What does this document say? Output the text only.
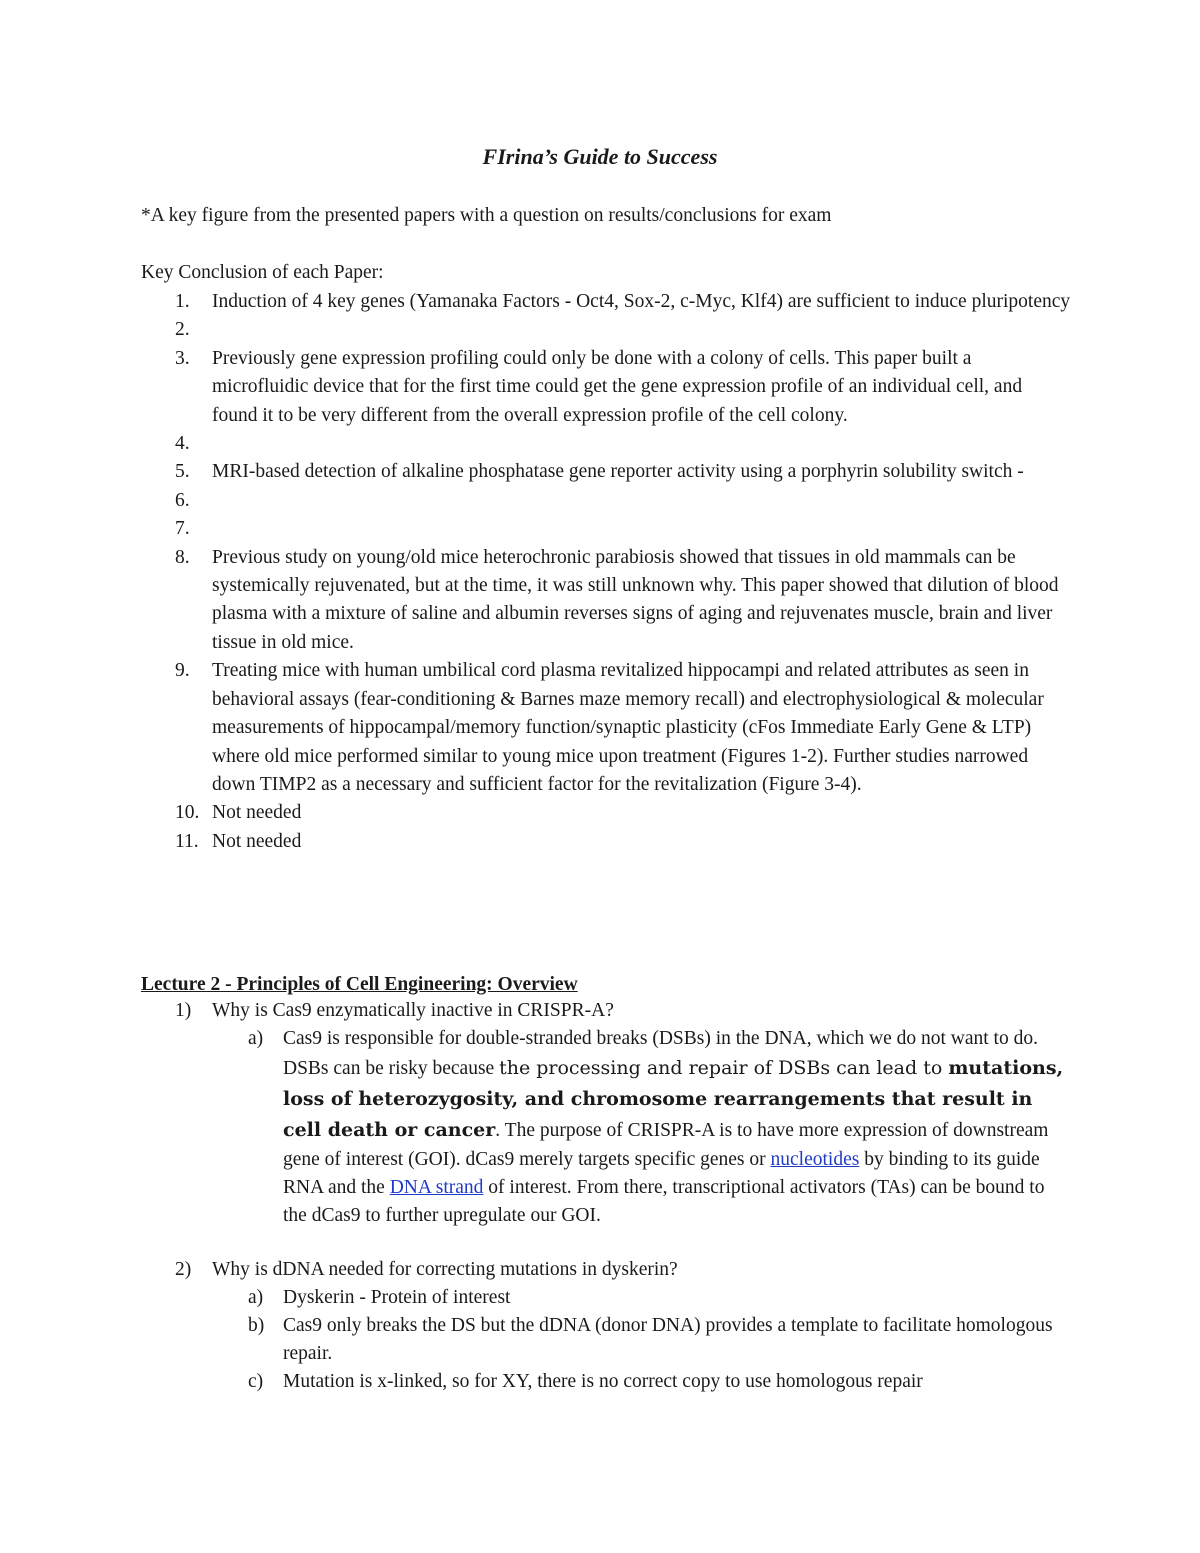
FIrina’s Guide to Success
*A key figure from the presented papers with a question on results/conclusions for exam
Key Conclusion of each Paper:
1. Induction of 4 key genes (Yamanaka Factors - Oct4, Sox-2, c-Myc, Klf4) are sufficient to induce pluripotency
2.

3. Previously gene expression profiling could only be done with a colony of cells. This paper built a microfluidic device that for the first time could get the gene expression profile of an individual cell, and found it to be very different from the overall expression profile of the cell colony.
4.

5. MRI-based detection of alkaline phosphatase gene reporter activity using a porphyrin solubility switch -
6.

7.

8. Previous study on young/old mice heterochronic parabiosis showed that tissues in old mammals can be systemically rejuvenated, but at the time, it was still unknown why. This paper showed that dilution of blood plasma with a mixture of saline and albumin reverses signs of aging and rejuvenates muscle, brain and liver tissue in old mice.
9. Treating mice with human umbilical cord plasma revitalized hippocampi and related attributes as seen in behavioral assays (fear-conditioning & Barnes maze memory recall) and electrophysiological & molecular measurements of hippocampal/memory function/synaptic plasticity (cFos Immediate Early Gene & LTP) where old mice performed similar to young mice upon treatment (Figures 1-2). Further studies narrowed down TIMP2 as a necessary and sufficient factor for the revitalization (Figure 3-4).
10. Not needed
11. Not needed
Lecture 2 - Principles of Cell Engineering: Overview
1) Why is Cas9 enzymatically inactive in CRISPR-A?
a) Cas9 is responsible for double-stranded breaks (DSBs) in the DNA, which we do not want to do. DSBs can be risky because the processing and repair of DSBs can lead to mutations, loss of heterozygosity, and chromosome rearrangements that result in cell death or cancer. The purpose of CRISPR-A is to have more expression of downstream gene of interest (GOI). dCas9 merely targets specific genes or nucleotides by binding to its guide RNA and the DNA strand of interest. From there, transcriptional activators (TAs) can be bound to the dCas9 to further upregulate our GOI.
2) Why is dDNA needed for correcting mutations in dyskerin?
a) Dyskerin - Protein of interest
b) Cas9 only breaks the DS but the dDNA (donor DNA) provides a template to facilitate homologous repair.
c) Mutation is x-linked, so for XY, there is no correct copy to use homologous repair
